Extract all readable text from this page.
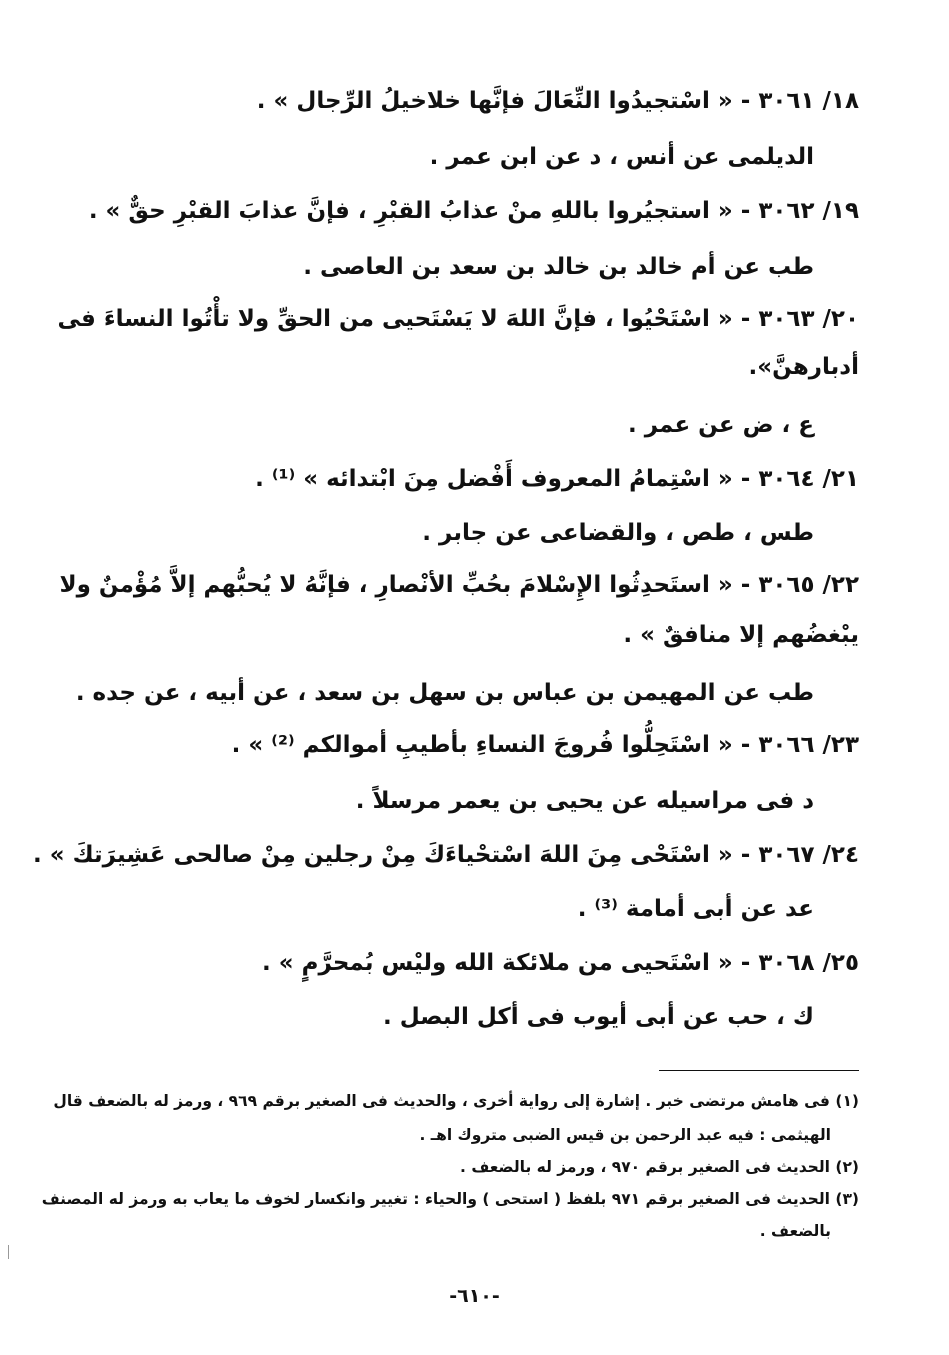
١٨/ ٣٠٦١ - « اسْتجيدُوا النِّعَالَ فإنَّها خلاخيلُ الرِّجال » .
الديلمى عن أنس ، د عن ابن عمر .
١٩/ ٣٠٦٢ - « استجيُروا باللهِ منْ عذابُ القبْرِ ، فإنَّ عذابَ القبْرِ حقٌّ » .
طب عن أم خالد بن خالد بن سعد بن العاصى .
٢٠/ ٣٠٦٣ - « اسْتَحْيُوا ، فإنَّ اللهَ لا يَسْتَحيى من الحقِّ ولا تأْتُوا النساءَ فى
أدبارهنَّ».
ع ، ض عن عمر .
٢١/ ٣٠٦٤ - « اسْتِمامُ المعروف أَفْضل مِنَ ابْتدائه » ⁽¹⁾ .
طس ، طص ، والقضاعى عن جابر .
٢٢/ ٣٠٦٥ - « استَحدِثُوا الإِسْلامَ بحُبِّ الأنْصارِ ، فإنَّهُ لا يُحبُّهم إلاَّ مُؤْمنٌ ولا
يبْغضُهم إلا منافقٌ » .
طب عن المهيمن بن عباس بن سهل بن سعد ، عن أبيه ، عن جده .
٢٣/ ٣٠٦٦ - « اسْتَحِلُّوا فُروجَ النساءِ بأطيبِ أموالكم ⁽²⁾ » .
د فى مراسيله عن يحيى بن يعمر مرسلاً .
٢٤/ ٣٠٦٧ - « اسْتَحْى مِنَ اللهَ اسْتحْياءَكَ مِنْ رجلين مِنْ صالحى عَشِيرَتكَ » .
عد عن أبى أمامة ⁽³⁾ .
٢٥/ ٣٠٦٨ - « اسْتَحيى من ملائكة الله وليْس بُمحرَّمٍ » .
ك ، حب عن أبى أيوب فى أكل البصل .
(١) فى هامش مرتضى خبر . إشارة إلى رواية أخرى ، والحديث فى الصغير برقم ٩٦٩ ، ورمز له بالضعف قال
الهيثمى : فيه عبد الرحمن بن قيس الضبى متروك اهـ .
(٢) الحديث فى الصغير برقم ٩٧٠ ، ورمز له بالضعف .
(٣) الحديث فى الصغير برقم ٩٧١ بلفظ ( استحى ) والحياء : تغيير وانكسار لخوف ما يعاب به ورمز له المصنف
بالضعف .
-٦١٠-
